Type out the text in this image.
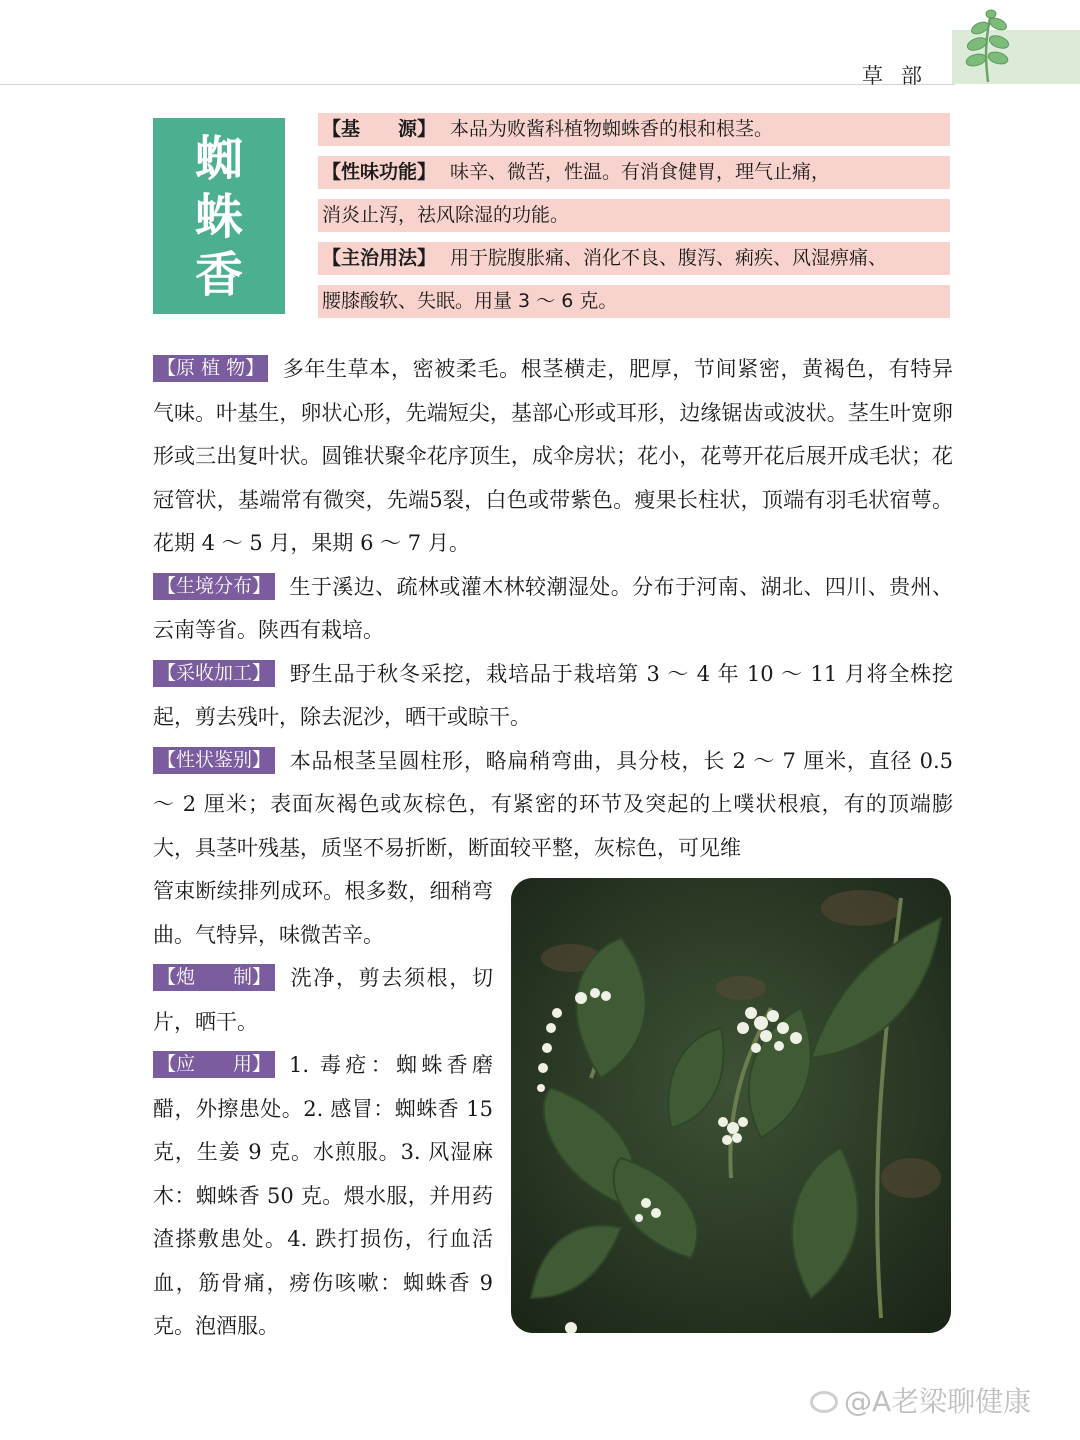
草部
蜘
蛛
香
【基　　源】 本品为败酱科植物蜘蛛香的根和根茎。
【性味功能】 味辛、微苦，性温。有消食健胃，理气止痛，
消炎止泻，祛风除湿的功能。
【主治用法】 用于脘腹胀痛、消化不良、腹泻、痢疾、风湿痹痛、
腰膝酸软、失眠。用量 3 ～ 6 克。

【原 植 物】 多年生草本，密被柔毛。根茎横走，肥厚，节间紧密，黄褐色，有特异气味。叶基生，卵状心形，先端短尖，基部心形或耳形，边缘锯齿或波状。茎生叶宽卵形或三出复叶状。圆锥状聚伞花序顶生，成伞房状；花小，花萼开花后展开成毛状；花冠管状，基端常有微突，先端5裂，白色或带紫色。瘦果长柱状，顶端有羽毛状宿萼。花期 4 ～ 5 月，果期 6 ～ 7 月。

【生境分布】 生于溪边、疏林或灌木林较潮湿处。分布于河南、湖北、四川、贵州、云南等省。陕西有栽培。

【采收加工】 野生品于秋冬采挖，栽培品于栽培第 3 ～ 4 年 10 ～ 11 月将全株挖起，剪去残叶，除去泥沙，晒干或晾干。

【性状鉴别】 本品根茎呈圆柱形，略扁稍弯曲，具分枝，长 2 ～ 7 厘米，直径 0.5 ～ 2 厘米；表面灰褐色或灰棕色，有紧密的环节及突起的上噗状根痕，有的顶端膨大，具茎叶残基，质坚不易折断，断面较平整，灰棕色，可见维

管束断续排列成环。根多数，细稍弯曲。气特异，味微苦辛。

【炮　　制】 洗净，剪去须根，切片，晒干。

【应　　用】 1. 毒疮：蜘蛛香磨醋，外擦患处。2. 感冒：蜘蛛香 15 克，生姜 9 克。水煎服。3. 风湿麻木：蜘蛛香 50 克。煨水服，并用药渣搽敷患处。4. 跌打损伤，行血活血，筋骨痛，痨伤咳嗽：蜘蛛香 9 克。泡酒服。

@A老梁聊健康
